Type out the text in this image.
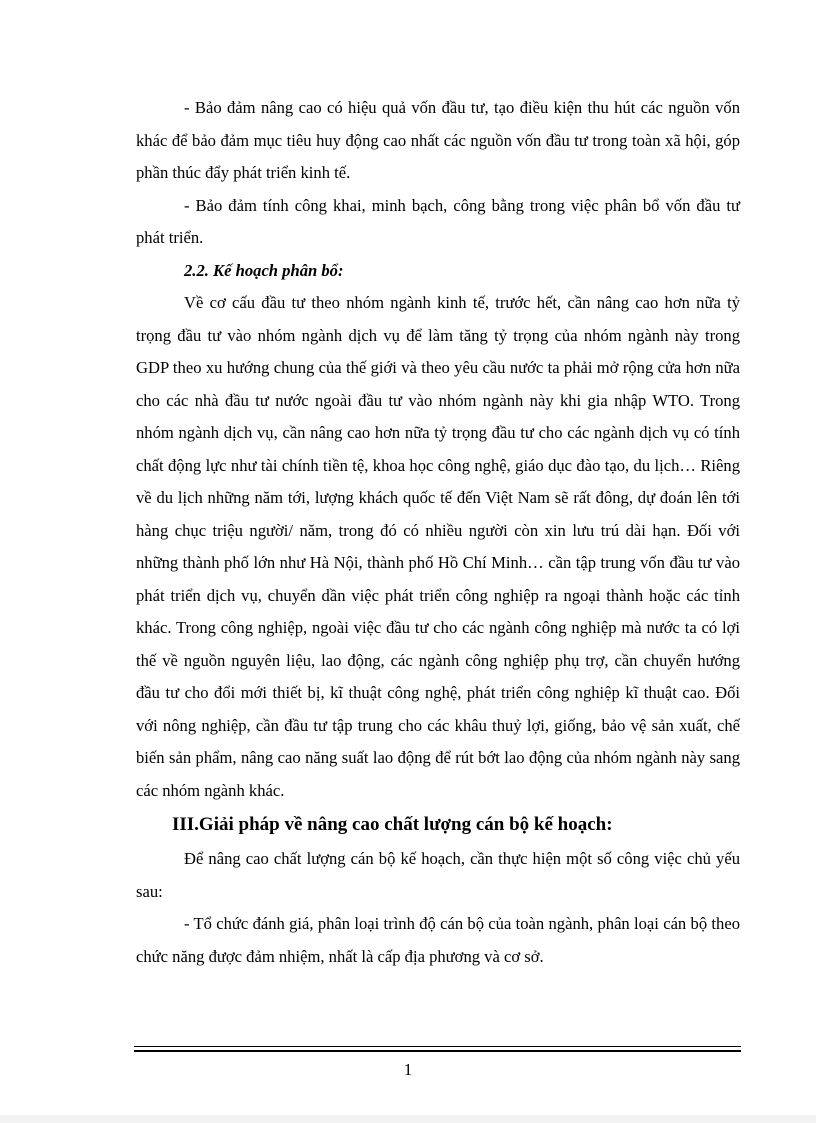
- Bảo đảm nâng cao có hiệu quả vốn đầu tư, tạo điều kiện thu hút các nguồn vốn khác để bảo đảm mục tiêu huy động cao nhất các nguồn vốn đầu tư trong toàn xã hội, góp phần thúc đẩy phát triển kinh tế.

- Bảo đảm tính công khai, minh bạch, công bằng trong việc phân bổ vốn đầu tư phát triển.

2.2. Kế hoạch phân bổ:

Về cơ cấu đầu tư theo nhóm ngành kinh tế, trước hết, cần nâng cao hơn nữa tỷ trọng đầu tư vào nhóm ngành dịch vụ để làm tăng tỷ trọng của nhóm ngành này trong GDP theo xu hướng chung của thế giới và theo yêu cầu nước ta phải mở rộng cửa hơn nữa cho các nhà đầu tư nước ngoài đầu tư vào nhóm ngành này khi gia nhập WTO. Trong nhóm ngành dịch vụ, cần nâng cao hơn nữa tỷ trọng đầu tư cho các ngành dịch vụ có tính chất động lực như tài chính tiền tệ, khoa học công nghệ, giáo dục đào tạo, du lịch… Riêng về du lịch những năm tới, lượng khách quốc tế đến Việt Nam sẽ rất đông, dự đoán lên tới hàng chục triệu người/ năm, trong đó có nhiều người còn xin lưu trú dài hạn. Đối với những thành phố lớn như Hà Nội, thành phố Hồ Chí Minh… cần tập trung vốn đầu tư vào phát triển dịch vụ, chuyển dần việc phát triển công nghiệp ra ngoại thành hoặc các tỉnh khác. Trong công nghiệp, ngoài việc đầu tư cho các ngành công nghiệp mà nước ta có lợi thế về nguồn nguyên liệu, lao động, các ngành công nghiệp phụ trợ, cần chuyển hướng đầu tư cho đổi mới thiết bị, kĩ thuật công nghệ, phát triển công nghiệp kĩ thuật cao. Đối với nông nghiệp, cần đầu tư tập trung cho các khâu thuỷ lợi, giống, bảo vệ sản xuất, chế biến sản phẩm, nâng cao năng suất lao động để rút bớt lao động của nhóm ngành này sang các nhóm ngành khác.

III.Giải pháp về nâng cao chất lượng cán bộ kế hoạch:

Để nâng cao chất lượng cán bộ kế hoạch, cần thực hiện một số công việc chủ yếu sau:

- Tổ chức đánh giá, phân loại trình độ cán bộ của toàn ngành, phân loại cán bộ theo chức năng được đảm nhiệm, nhất là cấp địa phương và cơ sở.

1
